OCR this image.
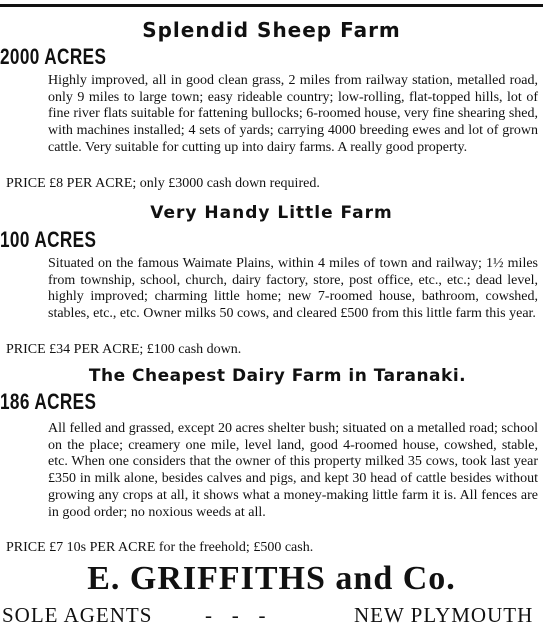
Splendid Sheep Farm
2000 ACRES
Highly improved, all in good clean grass, 2 miles from railway station, metalled road, only 9 miles to large town; easy rideable country; low-rolling, flat-topped hills, lot of fine river flats suitable for fattening bullocks; 6-roomed house, very fine shearing shed, with machines installed; 4 sets of yards; carrying 4000 breeding ewes and lot of grown cattle. Very suitable for cutting up into dairy farms. A really good property.
PRICE £8 PER ACRE; only £3000 cash down required.
Very Handy Little Farm
100 ACRES
Situated on the famous Waimate Plains, within 4 miles of town and railway; 1½ miles from township, school, church, dairy factory, store, post office, etc., etc.; dead level, highly improved; charming little home; new 7-roomed house, bathroom, cowshed, stables, etc., etc. Owner milks 50 cows, and cleared £500 from this little farm this year.
PRICE £34 PER ACRE; £100 cash down.
The Cheapest Dairy Farm in Taranaki.
186 ACRES
All felled and grassed, except 20 acres shelter bush; situated on a metalled road; school on the place; creamery one mile, level land, good 4-roomed house, cowshed, stable, etc. When one considers that the owner of this property milked 35 cows, took last year £350 in milk alone, besides calves and pigs, and kept 30 head of cattle besides without growing any crops at all, it shows what a money-making little farm it is. All fences are in good order; no noxious weeds at all.
PRICE £7 10s PER ACRE for the freehold; £500 cash.
E. GRIFFITHS and Co.
SOLE AGENTS	-   -   -	NEW PLYMOUTH
